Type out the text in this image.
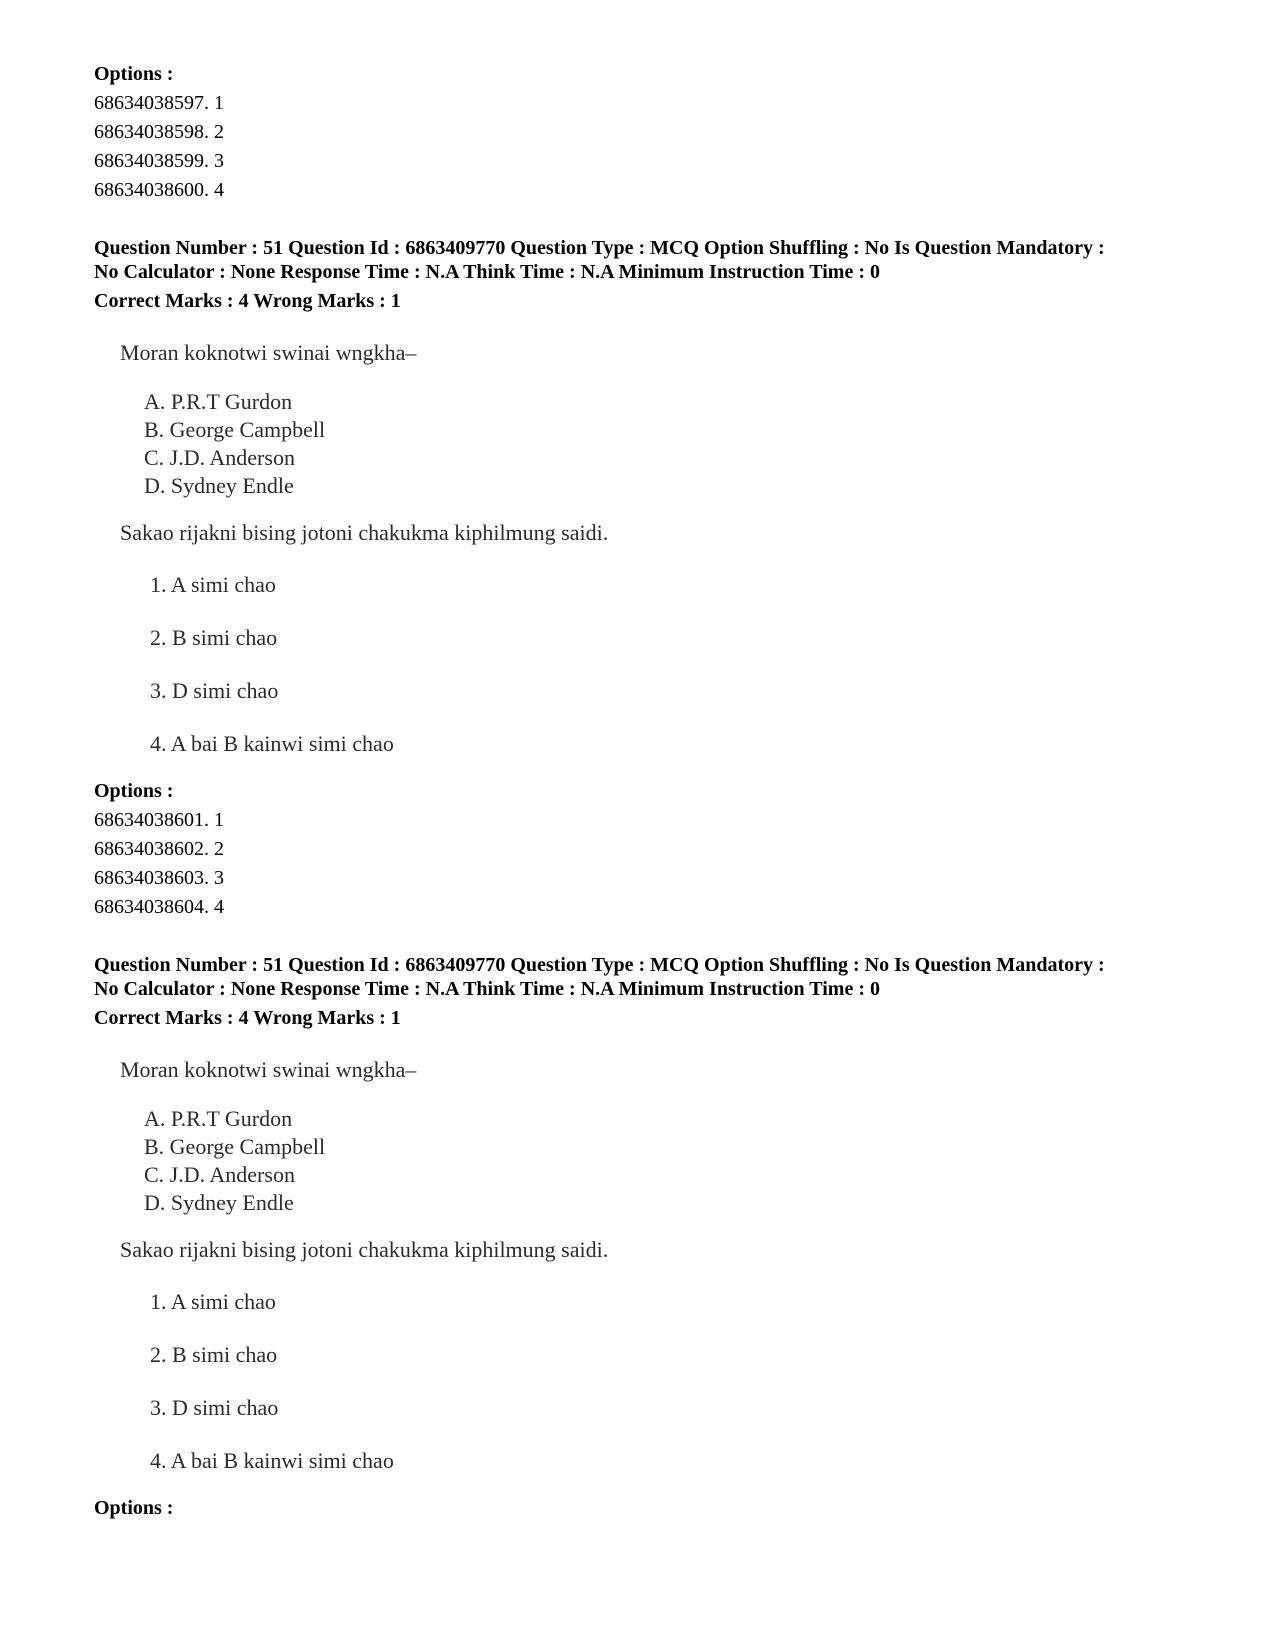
Options :
68634038597. 1
68634038598. 2
68634038599. 3
68634038600. 4
Question Number : 51 Question Id : 6863409770 Question Type : MCQ Option Shuffling : No Is Question Mandatory :
No Calculator : None Response Time : N.A Think Time : N.A Minimum Instruction Time : 0
Correct Marks : 4 Wrong Marks : 1
Moran koknotwi swinai wngkha–
A. P.R.T Gurdon
B. George Campbell
C. J.D. Anderson
D. Sydney Endle
Sakao rijakni bising jotoni chakukma kiphilmung saidi.
1. A simi chao
2. B simi chao
3. D simi chao
4. A bai B kainwi simi chao
Options :
68634038601. 1
68634038602. 2
68634038603. 3
68634038604. 4
Question Number : 51 Question Id : 6863409770 Question Type : MCQ Option Shuffling : No Is Question Mandatory :
No Calculator : None Response Time : N.A Think Time : N.A Minimum Instruction Time : 0
Correct Marks : 4 Wrong Marks : 1
Moran koknotwi swinai wngkha–
A. P.R.T Gurdon
B. George Campbell
C. J.D. Anderson
D. Sydney Endle
Sakao rijakni bising jotoni chakukma kiphilmung saidi.
1. A simi chao
2. B simi chao
3. D simi chao
4. A bai B kainwi simi chao
Options :
